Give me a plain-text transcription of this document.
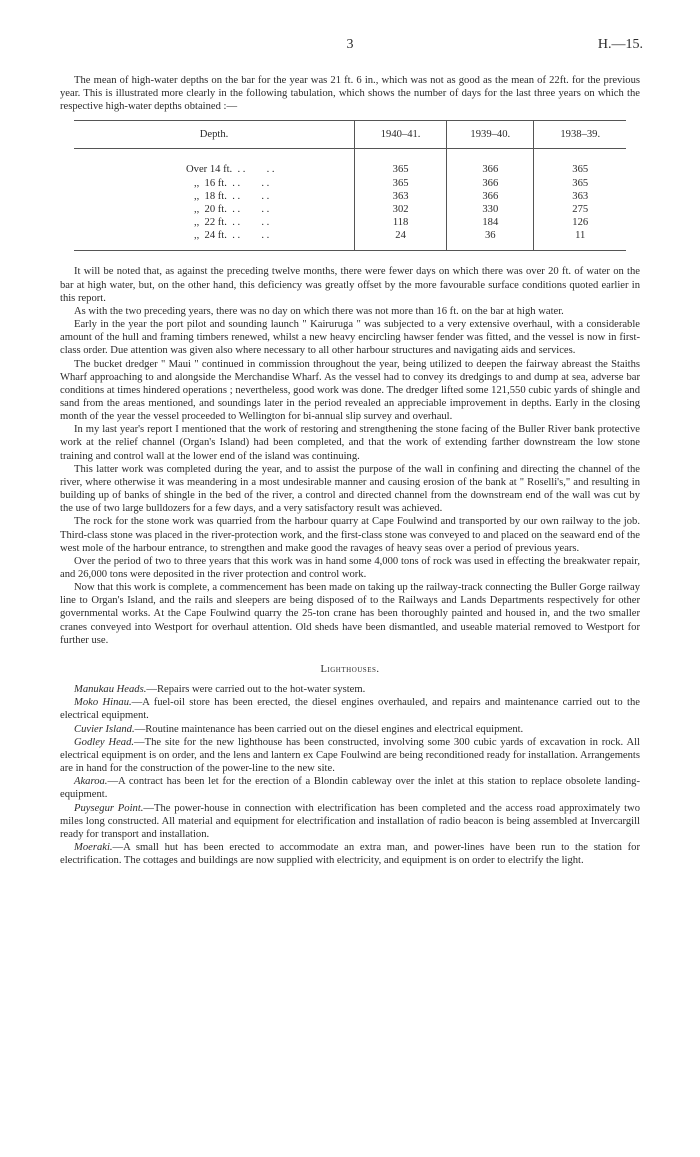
3	H.—15.

The mean of high-water depths on the bar for the year was 21 ft. 6 in., which was not as good as the mean of 22ft. for the previous year. This is illustrated more clearly in the following tabulation, which shows the number of days for the last three years on which the respective high-water depths obtained :—

Depth.	1940–41.	1939–40.	1938–39.

Over 14 ft.  . .        . .	365	366	365
,,  16 ft.  . .        . .	365	366	365
,,  18 ft.  . .        . .	363	366	363
,,  20 ft.  . .        . .	302	330	275
,,  22 ft.  . .        . .	118	184	126
,,  24 ft.  . .        . .	24	36	11

It will be noted that, as against the preceding twelve months, there were fewer days on which there was over 20 ft. of water on the bar at high water, but, on the other hand, this deficiency was greatly offset by the more favourable surface conditions quoted earlier in this report.

As with the two preceding years, there was no day on which there was not more than 16 ft. on the bar at high water.

Early in the year the port pilot and sounding launch " Kairuruga " was subjected to a very extensive overhaul, with a considerable amount of the hull and framing timbers renewed, whilst a new heavy encircling hawser fender was fitted, and the vessel is now in first-class order. Due attention was given also where necessary to all other harbour structures and navigating aids and services.

The bucket dredger " Maui " continued in commission throughout the year, being utilized to deepen the fairway abreast the Staiths Wharf approaching to and alongside the Merchandise Wharf. As the vessel had to convey its dredgings to and dump at sea, adverse bar conditions at times hindered operations ; nevertheless, good work was done. The dredger lifted some 121,550 cubic yards of shingle and sand from the areas mentioned, and soundings later in the period revealed an appreciable improvement in depths. Early in the closing month of the year the vessel proceeded to Wellington for bi-annual slip survey and overhaul.

In my last year's report I mentioned that the work of restoring and strengthening the stone facing of the Buller River bank protective work at the relief channel (Organ's Island) had been completed, and that the work of extending farther downstream the low stone training and control wall at the lower end of the island was continuing.

This latter work was completed during the year, and to assist the purpose of the wall in confining and directing the channel of the river, where otherwise it was meandering in a most undesirable manner and causing erosion of the bank at " Roselli's," and resulting in building up of banks of shingle in the bed of the river, a control and directed channel from the downstream end of the wall was cut by the use of two large bulldozers for a few days, and a very satisfactory result was achieved.

The rock for the stone work was quarried from the harbour quarry at Cape Foulwind and transported by our own railway to the job. Third-class stone was placed in the river-protection work, and the first-class stone was conveyed to and placed on the seaward end of the west mole of the harbour entrance, to strengthen and make good the ravages of heavy seas over a period of previous years.

Over the period of two to three years that this work was in hand some 4,000 tons of rock was used in effecting the breakwater repair, and 26,000 tons were deposited in the river protection and control work.

Now that this work is complete, a commencement has been made on taking up the railway-track connecting the Buller Gorge railway line to Organ's Island, and the rails and sleepers are being disposed of to the Railways and Lands Departments respectively for other governmental works. At the Cape Foulwind quarry the 25-ton crane has been thoroughly painted and housed in, and the two smaller cranes conveyed into Westport for overhaul attention. Old sheds have been dismantled, and useable material removed to Westport for further use.

Lighthouses.

Manukau Heads.—Repairs were carried out to the hot-water system.

Moko Hinau.—A fuel-oil store has been erected, the diesel engines overhauled, and repairs and maintenance carried out to the electrical equipment.

Cuvier Island.—Routine maintenance has been carried out on the diesel engines and electrical equipment.

Godley Head.—The site for the new lighthouse has been constructed, involving some 300 cubic yards of excavation in rock. All electrical equipment is on order, and the lens and lantern ex Cape Foulwind are being reconditioned ready for installation. Arrangements are in hand for the construction of the power-line to the new site.

Akaroa.—A contract has been let for the erection of a Blondin cableway over the inlet at this station to replace obsolete landing-equipment.

Puysegur Point.—The power-house in connection with electrification has been completed and the access road approximately two miles long constructed. All material and equipment for electrification and installation of radio beacon is being assembled at Invercargill ready for transport and installation.

Moeraki.—A small hut has been erected to accommodate an extra man, and power-lines have been run to the station for electrification. The cottages and buildings are now supplied with electricity, and equipment is on order to electrify the light.
